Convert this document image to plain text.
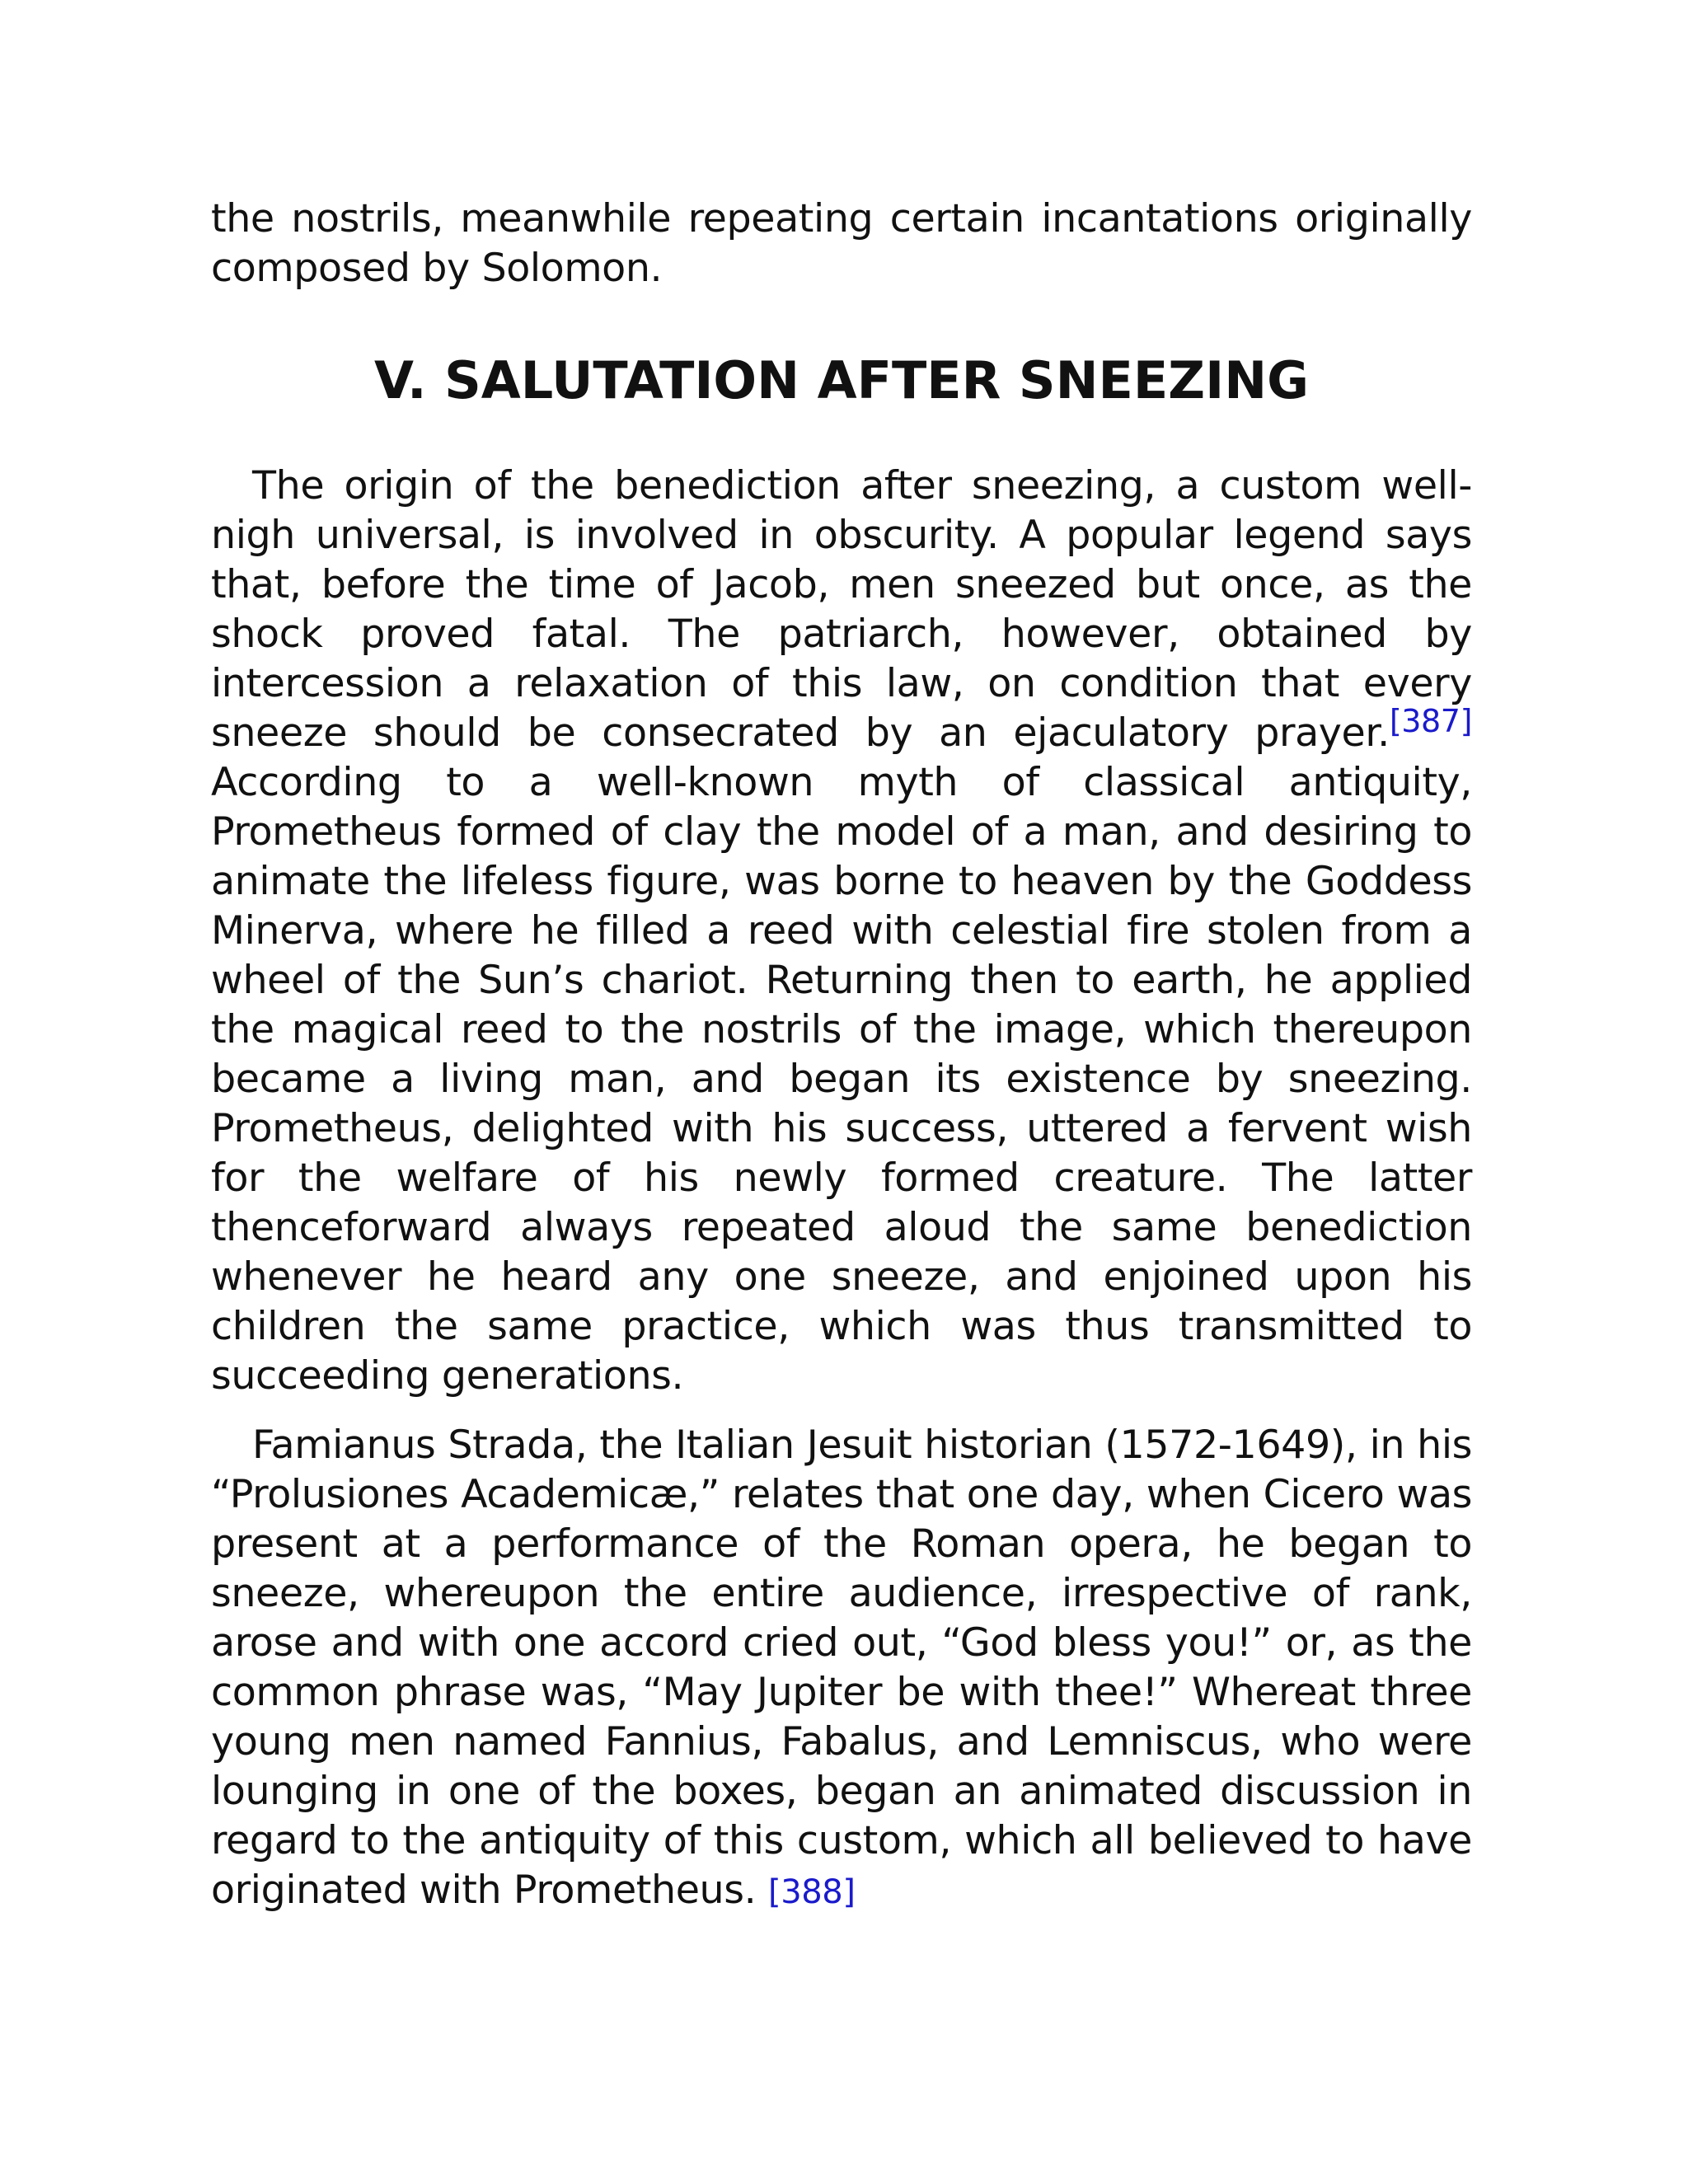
the nostrils, meanwhile repeating certain incantations originally composed by Solomon.

V. SALUTATION AFTER SNEEZING

The origin of the benediction after sneezing, a custom well-nigh universal, is involved in obscurity. A popular legend says that, before the time of Jacob, men sneezed but once, as the shock proved fatal. The patriarch, however, obtained by intercession a relaxation of this law, on condition that every sneeze should be consecrated by an ejaculatory prayer.[387] According to a well-known myth of classical antiquity, Prometheus formed of clay the model of a man, and desiring to animate the lifeless figure, was borne to heaven by the Goddess Minerva, where he filled a reed with celestial fire stolen from a wheel of the Sun’s chariot. Returning then to earth, he applied the magical reed to the nostrils of the image, which thereupon became a living man, and began its existence by sneezing. Prometheus, delighted with his success, uttered a fervent wish for the welfare of his newly formed creature. The latter thenceforward always repeated aloud the same benediction whenever he heard any one sneeze, and enjoined upon his children the same practice, which was thus transmitted to succeeding generations.

Famianus Strada, the Italian Jesuit historian (1572-1649), in his “Prolusiones Academicæ,” relates that one day, when Cicero was present at a performance of the Roman opera, he began to sneeze, whereupon the entire audience, irrespective of rank, arose and with one accord cried out, “God bless you!” or, as the common phrase was, “May Jupiter be with thee!” Whereat three young men named Fannius, Fabalus, and Lemniscus, who were lounging in one of the boxes, began an animated discussion in regard to the antiquity of this custom, which all believed to have originated with Prometheus. [388]
